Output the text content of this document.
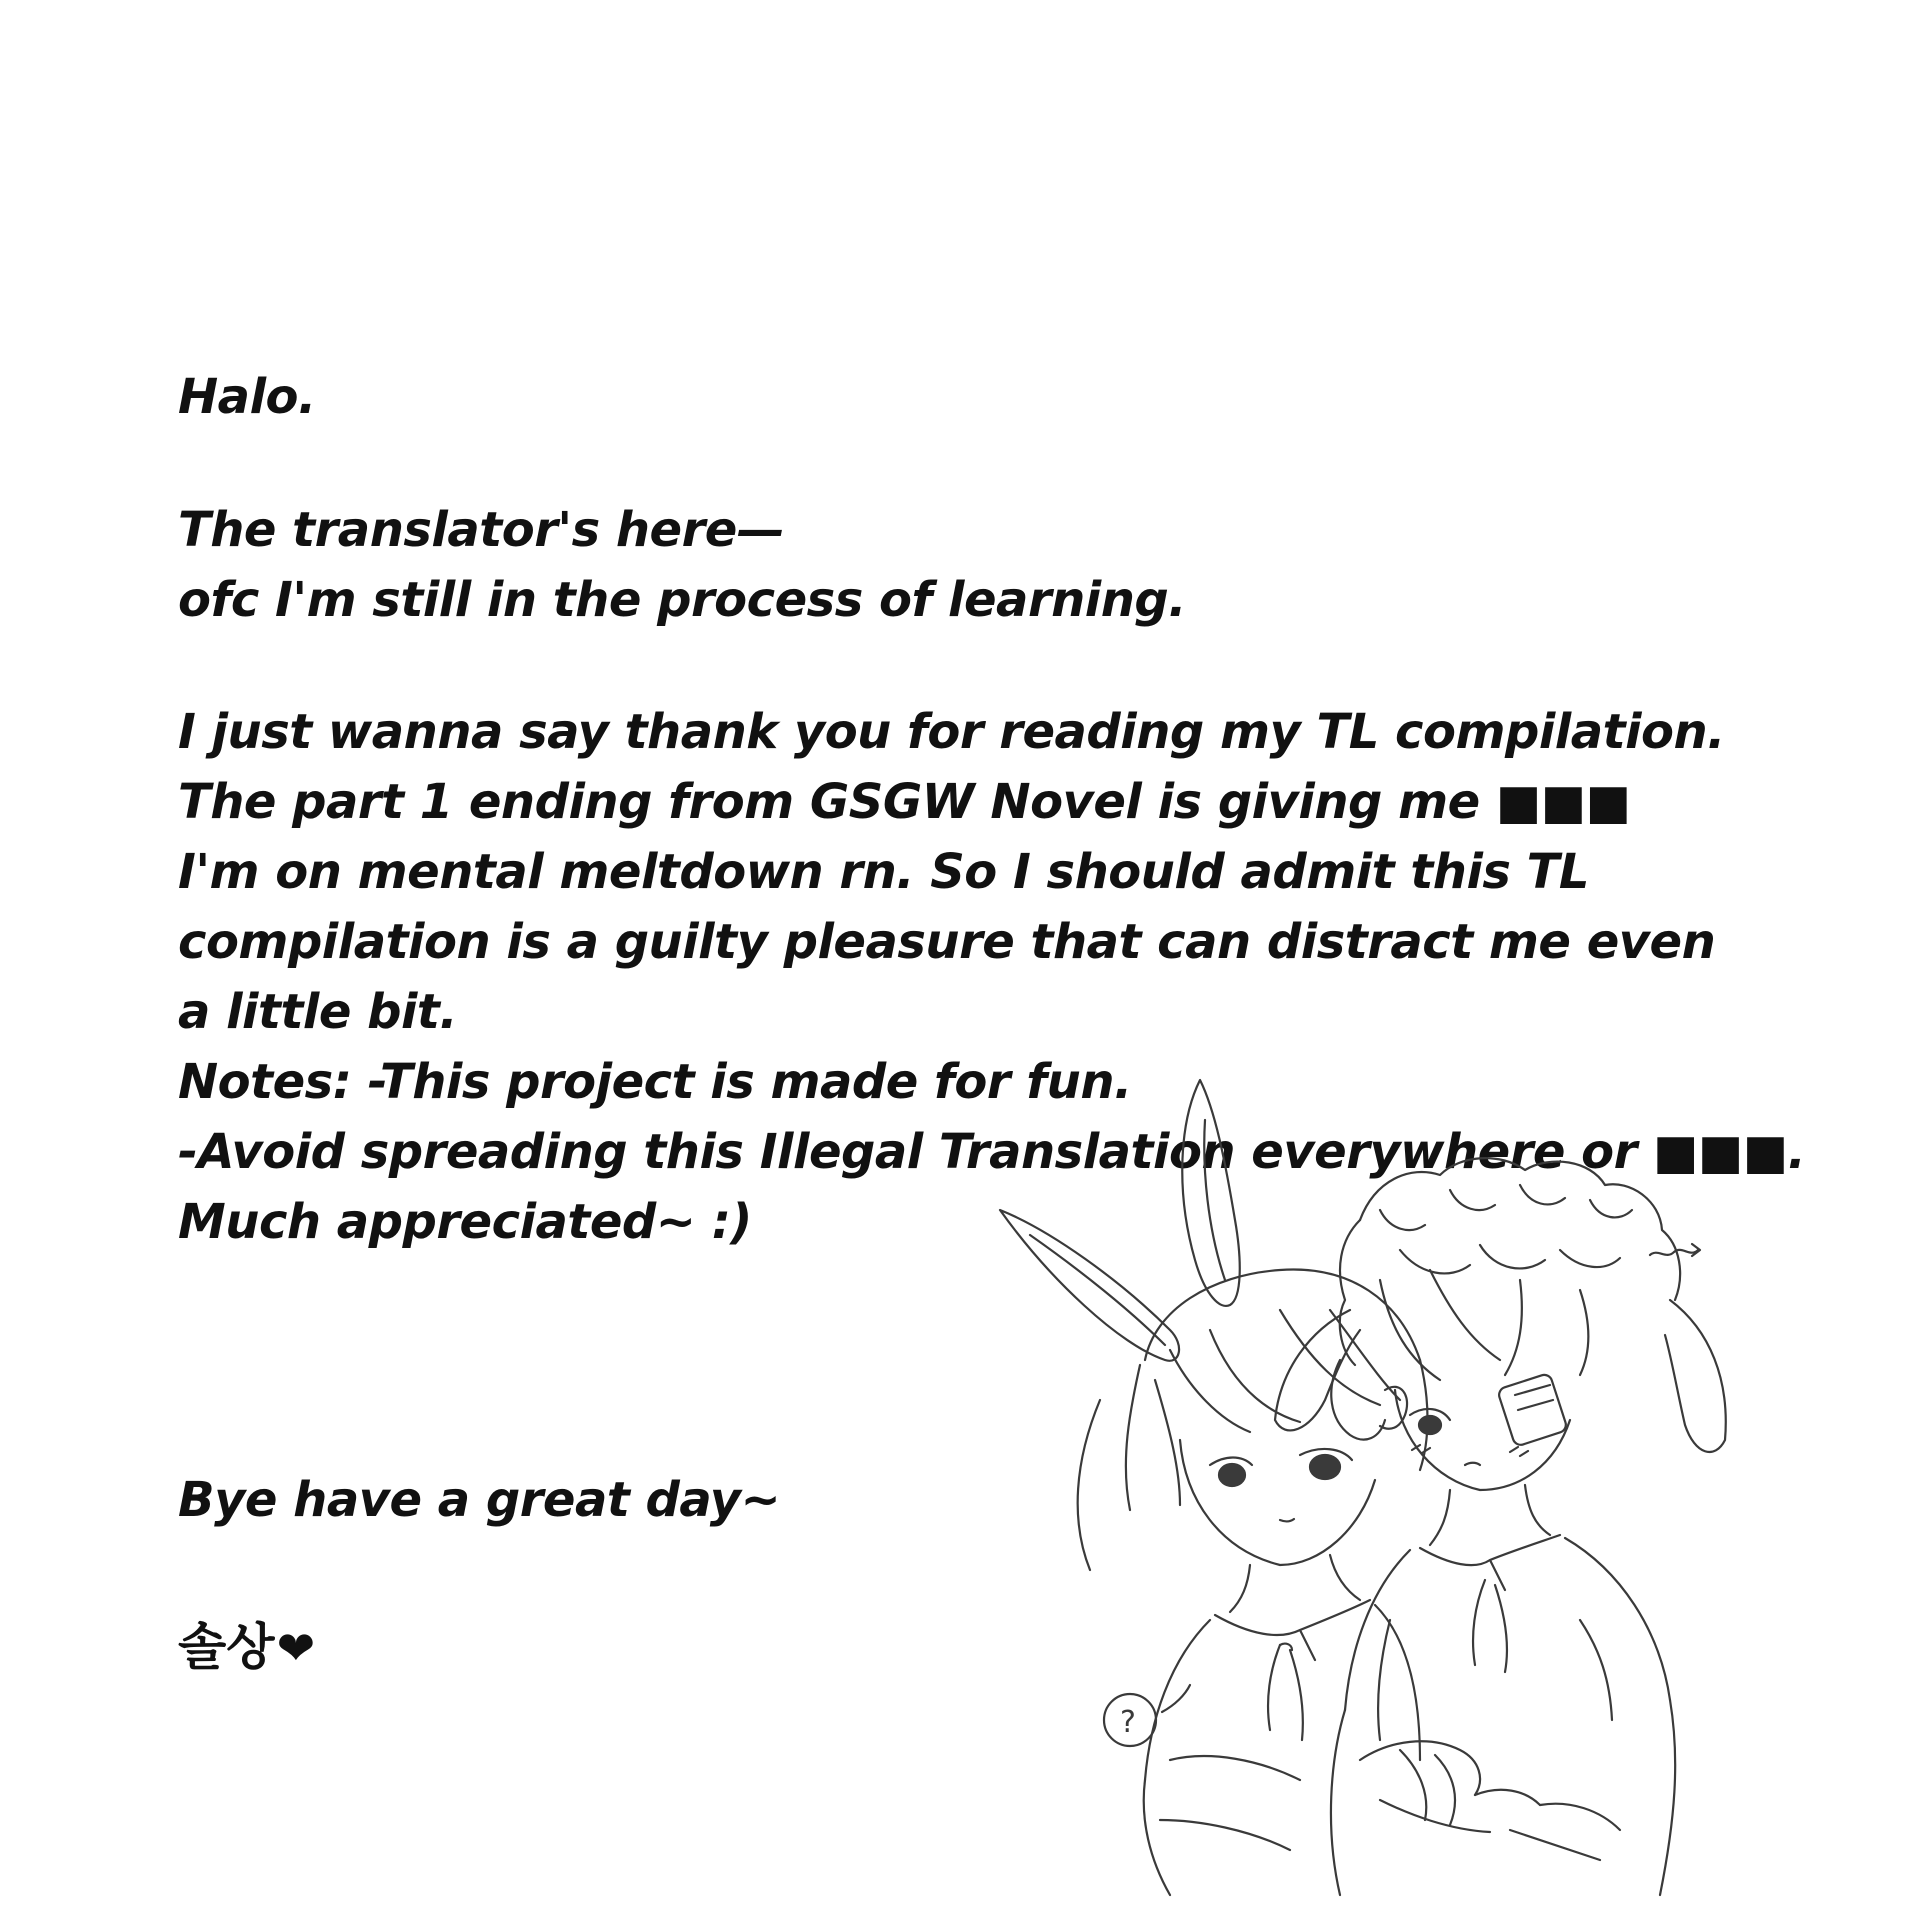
Halo.
The translator's here—
ofc I'm still in the process of learning.
I just wanna say thank you for reading my TL compilation.
The part 1 ending from GSGW Novel is giving me ■■■
I'm on mental meltdown rn. So I should admit this TL
compilation is a guilty pleasure that can distract me even
a little bit.
Notes: -This project is made for fun.
-Avoid spreading this Illegal Translation everywhere or ■■■.
Much appreciated~ :)
Bye have a great day~
솔상❤
?
